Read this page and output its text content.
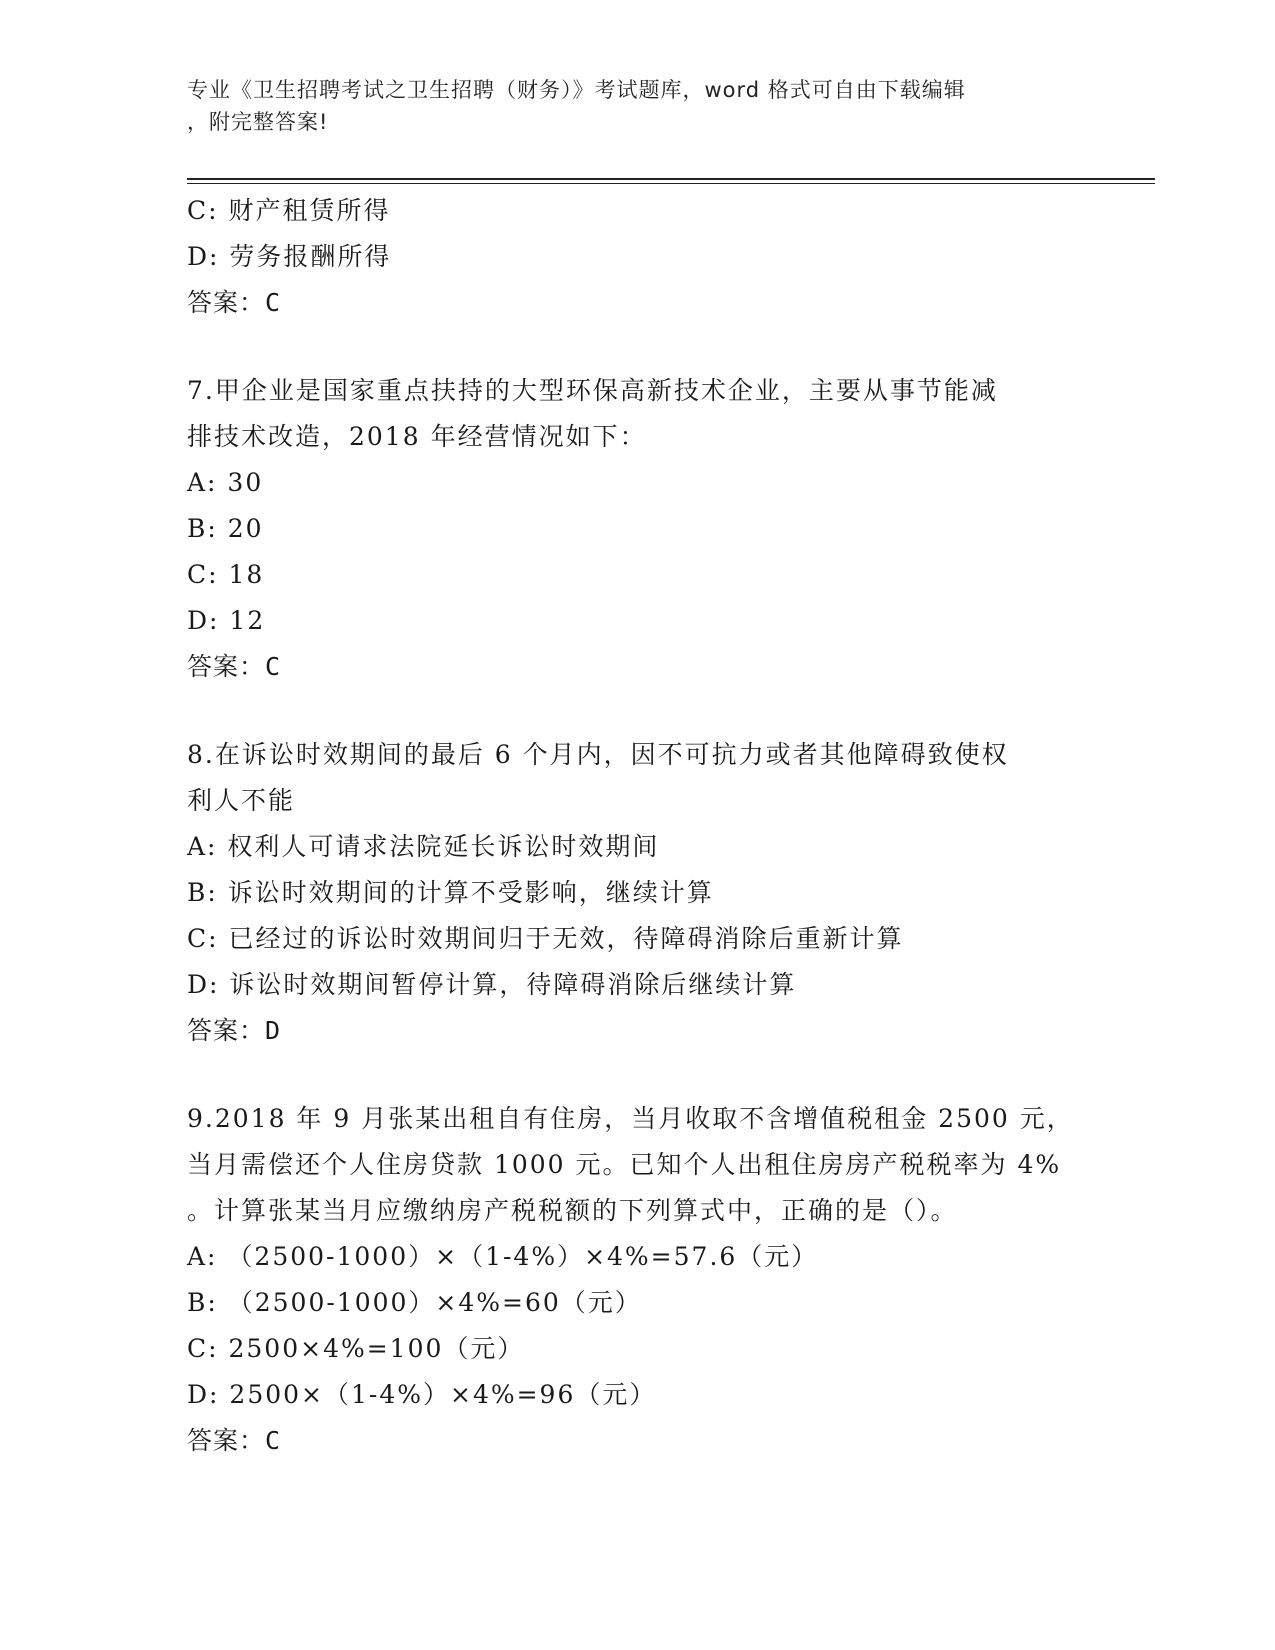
专业《卫生招聘考试之卫生招聘（财务）》考试题库，word 格式可自由下载编辑
，附完整答案!
C: 财产租赁所得
D: 劳务报酬所得
答案：C
7.甲企业是国家重点扶持的大型环保高新技术企业，主要从事节能减
排技术改造，2018 年经营情况如下：
A: 30
B: 20
C: 18
D: 12
答案：C
8.在诉讼时效期间的最后 6 个月内，因不可抗力或者其他障碍致使权
利人不能
A: 权利人可请求法院延长诉讼时效期间
B: 诉讼时效期间的计算不受影响，继续计算
C: 已经过的诉讼时效期间归于无效，待障碍消除后重新计算
D: 诉讼时效期间暂停计算，待障碍消除后继续计算
答案：D
9.2018 年 9 月张某出租自有住房，当月收取不含增值税租金 2500 元，
当月需偿还个人住房贷款 1000 元。已知个人出租住房房产税税率为 4%
。计算张某当月应缴纳房产税税额的下列算式中，正确的是（）。
A: （2500-1000）×（1-4%）×4%=57.6（元）
B: （2500-1000）×4%=60（元）
C: 2500×4%=100（元）
D: 2500×（1-4%）×4%=96（元）
答案：C
